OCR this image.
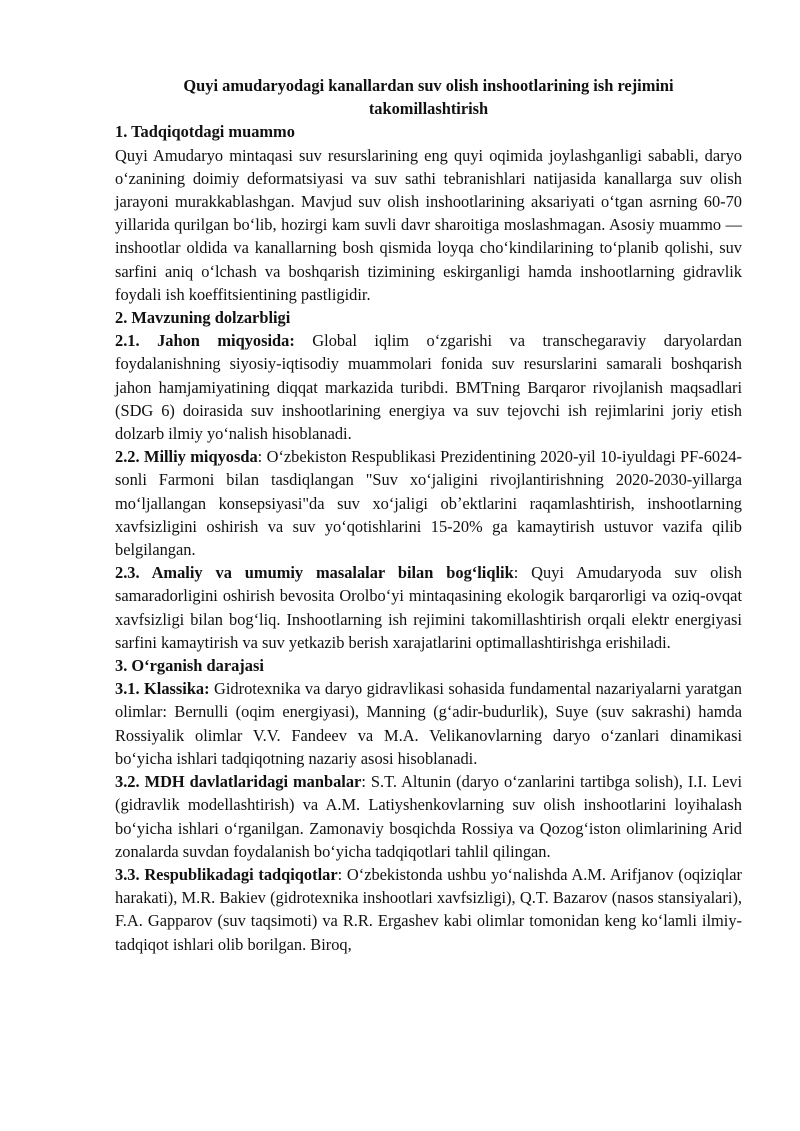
Quyi amudaryodagi kanallardan suv olish inshootlarining ish rejimini takomillashtirish

1. Tadqiqotdagi muammo

Quyi Amudaryo mintaqasi suv resurslarining eng quyi oqimida joylashganligi sababli, daryo oʻzanining doimiy deformatsiyasi va suv sathi tebranishlari natijasida kanallarga suv olish jarayoni murakkablashgan. Mavjud suv olish inshootlarining aksariyati oʻtgan asrning 60-70 yillarida qurilgan boʻlib, hozirgi kam suvli davr sharoitiga moslashmagan. Asosiy muammo — inshootlar oldida va kanallarning bosh qismida loyqa choʻkindilarining toʻplanib qolishi, suv sarfini aniq oʻlchash va boshqarish tizimining eskirganligi hamda inshootlarning gidravlik foydali ish koeffitsientining pastligidir.

2. Mavzuning dolzarbligi

2.1. Jahon miqyosida: Global iqlim oʻzgarishi va transchegaraviy daryolardan foydalanishning siyosiy-iqtisodiy muammolari fonida suv resurslarini samarali boshqarish jahon hamjamiyatining diqqat markazida turibdi. BMTning Barqaror rivojlanish maqsadlari (SDG 6) doirasida suv inshootlarining energiya va suv tejovchi ish rejimlarini joriy etish dolzarb ilmiy yoʻnalish hisoblanadi.

2.2. Milliy miqyosda: Oʻzbekiston Respublikasi Prezidentining 2020-yil 10-iyuldagi PF-6024-sonli Farmoni bilan tasdiqlangan "Suv xoʻjaligini rivojlantirishning 2020-2030-yillarga moʻljallangan konsepsiyasi"da suv xoʻjaligi obʼektlarini raqamlashtirish, inshootlarning xavfsizligini oshirish va suv yoʻqotishlarini 15-20% ga kamaytirish ustuvor vazifa qilib belgilangan.

2.3. Amaliy va umumiy masalalar bilan bogʻliqlik: Quyi Amudaryoda suv olish samaradorligini oshirish bevosita Orolboʻyi mintaqasining ekologik barqarorligi va oziq-ovqat xavfsizligi bilan bogʻliq. Inshootlarning ish rejimini takomillashtirish orqali elektr energiyasi sarfini kamaytirish va suv yetkazib berish xarajatlarini optimallashtirishga erishiladi.

3. Oʻrganish darajasi

3.1. Klassika: Gidrotexnika va daryo gidravlikasi sohasida fundamental nazariyalarni yaratgan olimlar: Bernulli (oqim energiyasi), Manning (gʻadir-budurlik), Suye (suv sakrashi) hamda Rossiyalik olimlar V.V. Fandeev va M.A. Velikanovlarning daryo oʻzanlari dinamikasi boʻyicha ishlari tadqiqotning nazariy asosi hisoblanadi.

3.2. MDH davlatlaridagi manbalar: S.T. Altunin (daryo oʻzanlarini tartibga solish), I.I. Levi (gidravlik modellashtirish) va A.M. Latiyshenkovlarning suv olish inshootlarini loyihalash boʻyicha ishlari oʻrganilgan. Zamonaviy bosqichda Rossiya va Qozogʻiston olimlarining Arid zonalarda suvdan foydalanish boʻyicha tadqiqotlari tahlil qilingan.

3.3. Respublikadagi tadqiqotlar: Oʻzbekistonda ushbu yoʻnalishda A.M. Arifjanov (oqiziqlar harakati), M.R. Bakiev (gidrotexnika inshootlari xavfsizligi), Q.T. Bazarov (nasos stansiyalari), F.A. Gapparov (suv taqsimoti) va R.R. Ergashev kabi olimlar tomonidan keng koʻlamli ilmiy-tadqiqot ishlari olib borilgan. Biroq,
